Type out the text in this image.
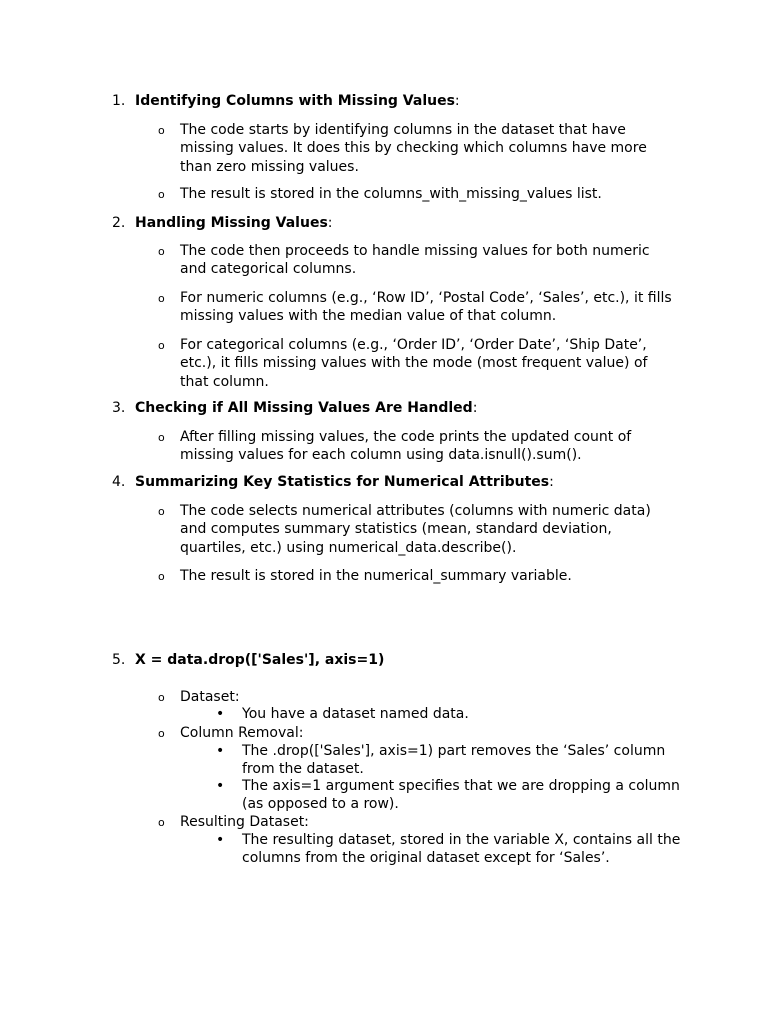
1. Identifying Columns with Missing Values:
o The code starts by identifying columns in the dataset that have missing values. It does this by checking which columns have more than zero missing values.
o The result is stored in the columns_with_missing_values list.
2. Handling Missing Values:
o The code then proceeds to handle missing values for both numeric and categorical columns.
o For numeric columns (e.g., ‘Row ID’, ‘Postal Code’, ‘Sales’, etc.), it fills missing values with the median value of that column.
o For categorical columns (e.g., ‘Order ID’, ‘Order Date’, ‘Ship Date’, etc.), it fills missing values with the mode (most frequent value) of that column.
3. Checking if All Missing Values Are Handled:
o After filling missing values, the code prints the updated count of missing values for each column using data.isnull().sum().
4. Summarizing Key Statistics for Numerical Attributes:
o The code selects numerical attributes (columns with numeric data) and computes summary statistics (mean, standard deviation, quartiles, etc.) using numerical_data.describe().
o The result is stored in the numerical_summary variable.
5. X = data.drop(['Sales'], axis=1)
o Dataset:
• You have a dataset named data.
o Column Removal:
• The .drop(['Sales'], axis=1) part removes the ‘Sales’ column from the dataset.
• The axis=1 argument specifies that we are dropping a column (as opposed to a row).
o Resulting Dataset:
• The resulting dataset, stored in the variable X, contains all the columns from the original dataset except for ‘Sales’.
